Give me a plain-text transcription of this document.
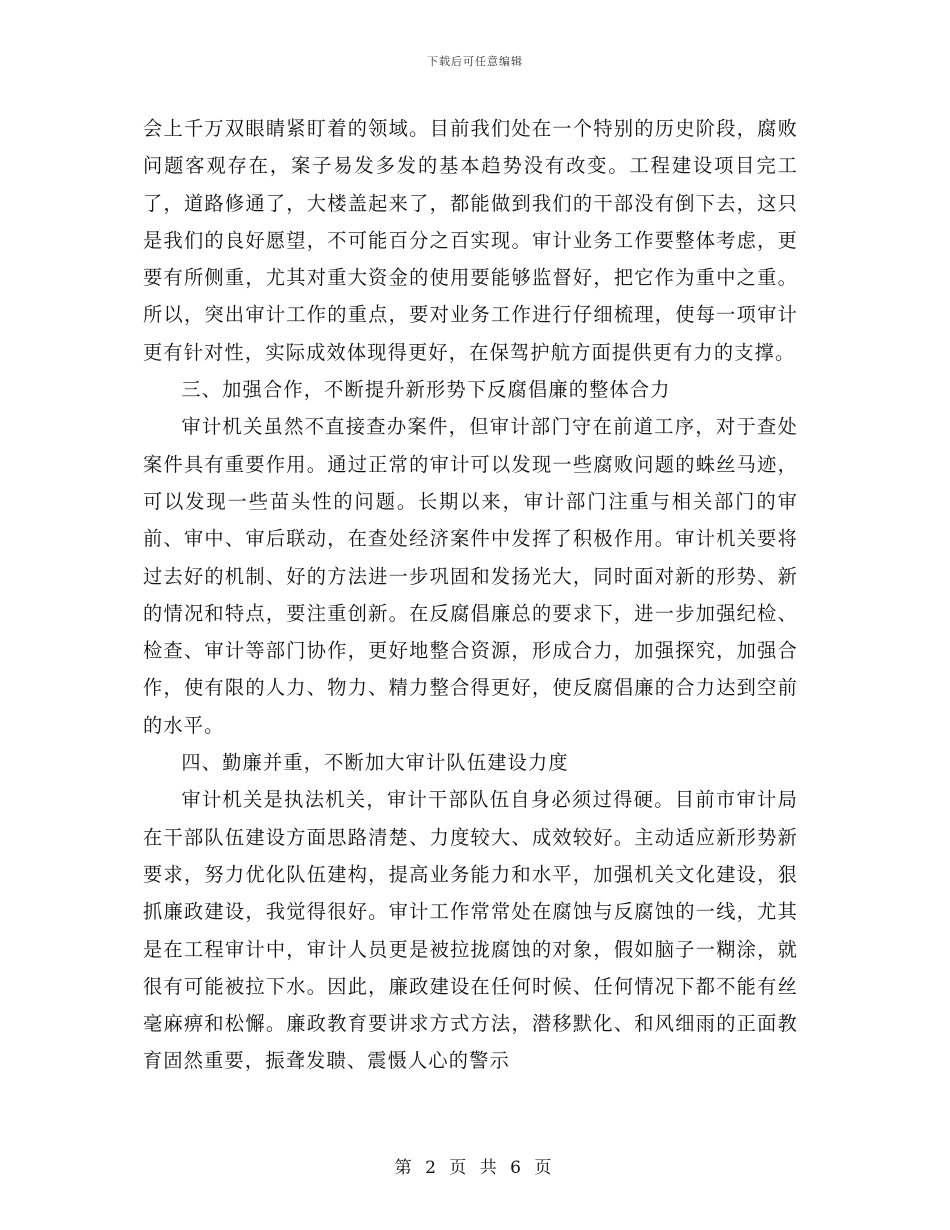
下载后可任意编辑

会上千万双眼睛紧盯着的领域。目前我们处在一个特别的历史阶段，腐败问题客观存在，案子易发多发的基本趋势没有改变。工程建设项目完工了，道路修通了，大楼盖起来了，都能做到我们的干部没有倒下去，这只是我们的良好愿望，不可能百分之百实现。审计业务工作要整体考虑，更要有所侧重，尤其对重大资金的使用要能够监督好，把它作为重中之重。所以，突出审计工作的重点，要对业务工作进行仔细梳理，使每一项审计更有针对性，实际成效体现得更好，在保驾护航方面提供更有力的支撑。

三、加强合作，不断提升新形势下反腐倡廉的整体合力

审计机关虽然不直接查办案件，但审计部门守在前道工序，对于查处案件具有重要作用。通过正常的审计可以发现一些腐败问题的蛛丝马迹，可以发现一些苗头性的问题。长期以来，审计部门注重与相关部门的审前、审中、审后联动，在查处经济案件中发挥了积极作用。审计机关要将过去好的机制、好的方法进一步巩固和发扬光大，同时面对新的形势、新的情况和特点，要注重创新。在反腐倡廉总的要求下，进一步加强纪检、检查、审计等部门协作，更好地整合资源，形成合力，加强探究，加强合作，使有限的人力、物力、精力整合得更好，使反腐倡廉的合力达到空前的水平。

四、勤廉并重，不断加大审计队伍建设力度

审计机关是执法机关，审计干部队伍自身必须过得硬。目前市审计局在干部队伍建设方面思路清楚、力度较大、成效较好。主动适应新形势新要求，努力优化队伍建构，提高业务能力和水平，加强机关文化建设，狠抓廉政建设，我觉得很好。审计工作常常处在腐蚀与反腐蚀的一线，尤其是在工程审计中，审计人员更是被拉拢腐蚀的对象，假如脑子一糊涂，就很有可能被拉下水。因此，廉政建设在任何时候、任何情况下都不能有丝毫麻痹和松懈。廉政教育要讲求方式方法，潜移默化、和风细雨的正面教育固然重要，振聋发聩、震慑人心的警示

第 2 页 共 6 页
